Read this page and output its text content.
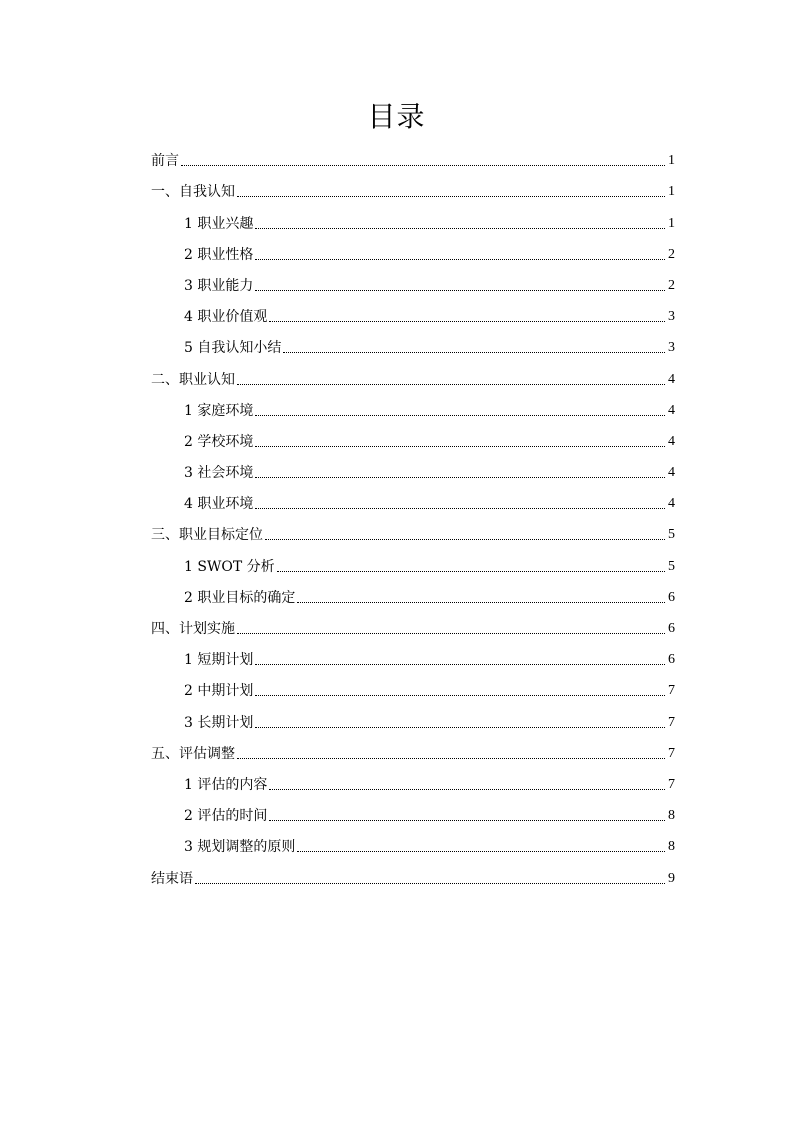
目录
前言	1
一、自我认知	1
1 职业兴趣	1
2 职业性格	2
3 职业能力	2
4 职业价值观	3
5 自我认知小结	3
二、职业认知	4
1 家庭环境	4
2 学校环境	4
3 社会环境	4
4 职业环境	4
三、职业目标定位	5
1 SWOT 分析	5
2 职业目标的确定	6
四、计划实施	6
1 短期计划	6
2 中期计划	7
3 长期计划	7
五、评估调整	7
1 评估的内容	7
2 评估的时间	8
3 规划调整的原则	8
结束语	9
